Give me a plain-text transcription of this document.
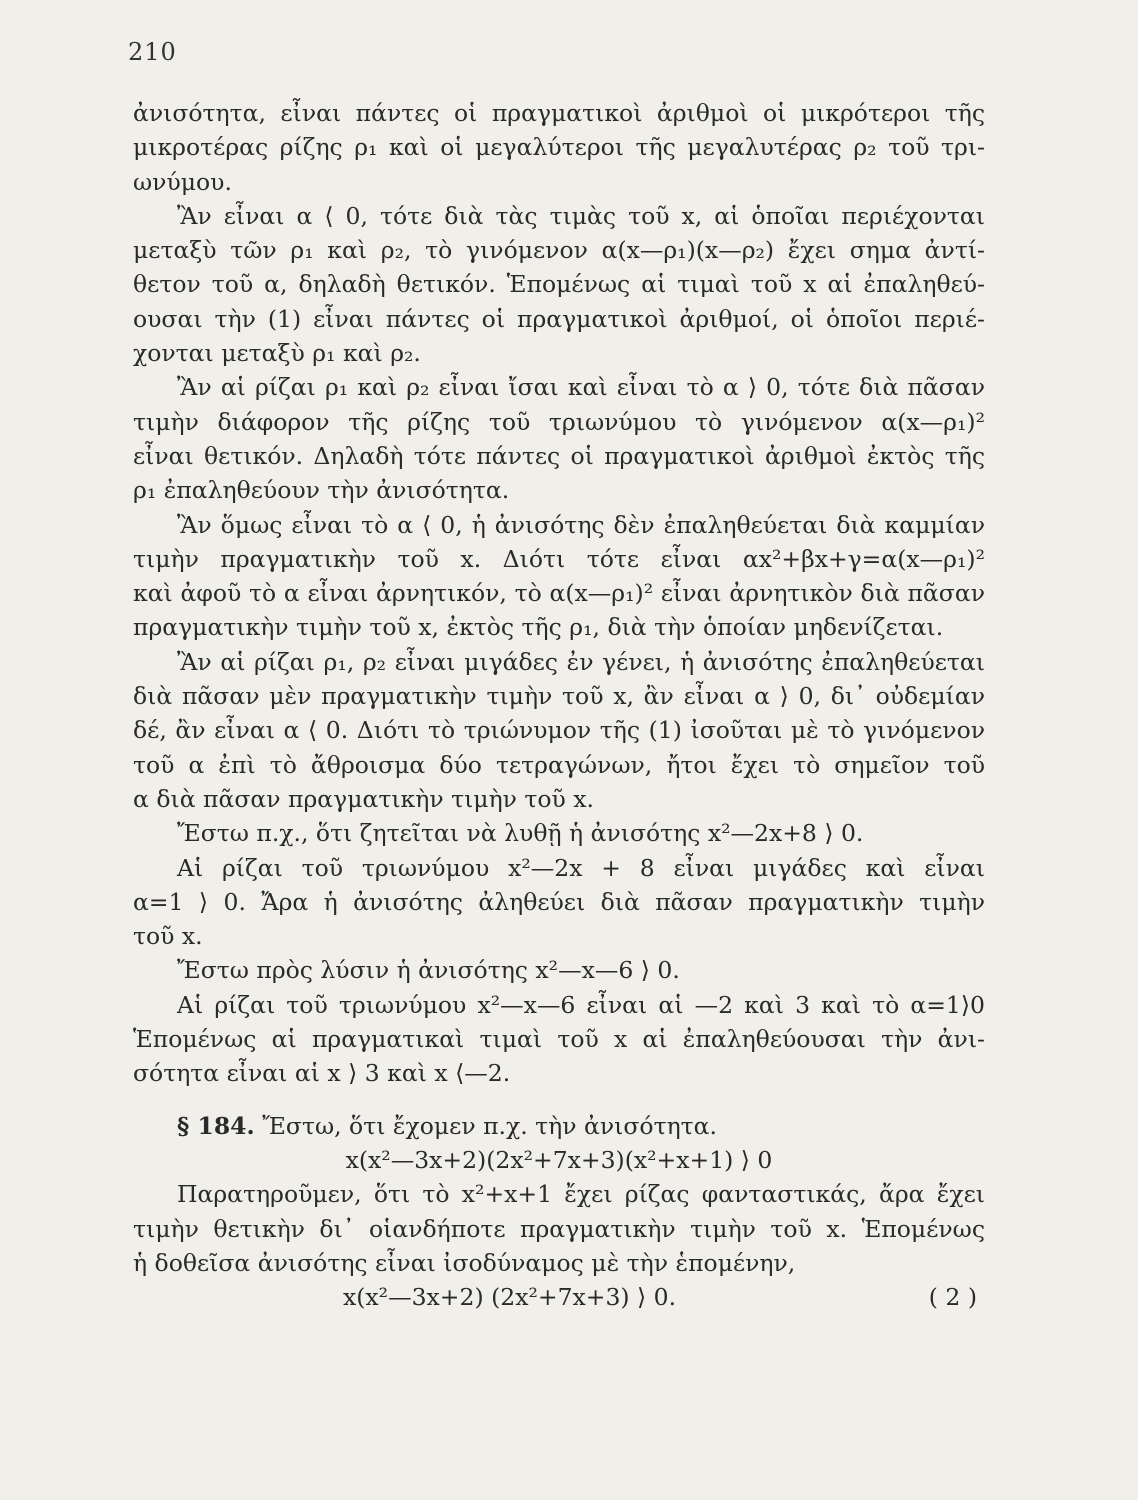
210
ἀνισότητα, εἶναι πάντες οἱ πραγματικοὶ ἀριθμοὶ οἱ μικρότεροι τῆς
μικροτέρας ρίζης ρ₁ καὶ οἱ μεγαλύτεροι τῆς μεγαλυτέρας ρ₂ τοῦ τρι-
ωνύμου.
Ἂν εἶναι α ⟨ 0, τότε διὰ τὰς τιμὰς τοῦ x, αἱ ὁποῖαι περιέχονται
μεταξὺ τῶν ρ₁ καὶ ρ₂, τὸ γινόμενον α(x—ρ₁)(x—ρ₂) ἔχει σημα ἀντί-
θετον τοῦ α, δηλαδὴ θετικόν. Ἑπομένως αἱ τιμαὶ τοῦ x αἱ ἐπαληθεύ-
ουσαι τὴν (1) εἶναι πάντες οἱ πραγματικοὶ ἀριθμοί, οἱ ὁποῖοι περιέ-
χονται μεταξὺ ρ₁ καὶ ρ₂.
Ἂν αἱ ρίζαι ρ₁ καὶ ρ₂ εἶναι ἴσαι καὶ εἶναι τὸ α ⟩ 0, τότε διὰ πᾶσαν
τιμὴν διάφορον τῆς ρίζης τοῦ τριωνύμου τὸ γινόμενον α(x—ρ₁)²
εἶναι θετικόν. Δηλαδὴ τότε πάντες οἱ πραγματικοὶ ἀριθμοὶ ἐκτὸς τῆς
ρ₁ ἐπαληθεύουν τὴν ἀνισότητα.
Ἂν ὅμως εἶναι τὸ α ⟨ 0, ἡ ἀνισότης δὲν ἐπαληθεύεται διὰ καμμίαν
τιμὴν πραγματικὴν τοῦ x. Διότι τότε εἶναι αx²+βx+γ=α(x—ρ₁)²
καὶ ἀφοῦ τὸ α εἶναι ἀρνητικόν, τὸ α(x—ρ₁)² εἶναι ἀρνητικὸν διὰ πᾶσαν
πραγματικὴν τιμὴν τοῦ x, ἐκτὸς τῆς ρ₁, διὰ τὴν ὁποίαν μηδενίζεται.
Ἂν αἱ ρίζαι ρ₁, ρ₂ εἶναι μιγάδες ἐν γένει, ἡ ἀνισότης ἐπαληθεύεται
διὰ πᾶσαν μὲν πραγματικὴν τιμὴν τοῦ x, ἂν εἶναι α ⟩ 0, δι᾽ οὐδεμίαν
δέ, ἂν εἶναι α ⟨ 0. Διότι τὸ τριώνυμον τῆς (1) ἰσοῦται μὲ τὸ γινόμενον
τοῦ α ἐπὶ τὸ ἄθροισμα δύο τετραγώνων, ἤτοι ἔχει τὸ σημεῖον τοῦ
α διὰ πᾶσαν πραγματικὴν τιμὴν τοῦ x.
Ἔστω π.χ., ὅτι ζητεῖται νὰ λυθῇ ἡ ἀνισότης x²—2x+8 ⟩ 0.
Αἱ ρίζαι τοῦ τριωνύμου x²—2x + 8 εἶναι μιγάδες καὶ εἶναι
α=1 ⟩ 0. Ἄρα ἡ ἀνισότης ἀληθεύει διὰ πᾶσαν πραγματικὴν τιμὴν
τοῦ x.
Ἔστω πρὸς λύσιν ἡ ἀνισότης x²—x—6 ⟩ 0.
Αἱ ρίζαι τοῦ τριωνύμου x²—x—6 εἶναι αἱ —2 καὶ 3 καὶ τὸ α=1⟩0
Ἑπομένως αἱ πραγματικαὶ τιμαὶ τοῦ x αἱ ἐπαληθεύουσαι τὴν ἀνι-
σότητα εἶναι αἱ x ⟩ 3 καὶ x ⟨—2.
§ 184. Ἔστω, ὅτι ἔχομεν π.χ. τὴν ἀνισότητα.
x(x²—3x+2)(2x²+7x+3)(x²+x+1) ⟩ 0
Παρατηροῦμεν, ὅτι τὸ x²+x+1 ἔχει ρίζας φανταστικάς, ἄρα ἔχει
τιμὴν θετικὴν δι᾽ οἱανδήποτε πραγματικὴν τιμὴν τοῦ x. Ἑπομένως
ἡ δοθεῖσα ἀνισότης εἶναι ἰσοδύναμος μὲ τὴν ἑπομένην,
x(x²—3x+2) (2x²+7x+3) ⟩ 0.	( 2 )
